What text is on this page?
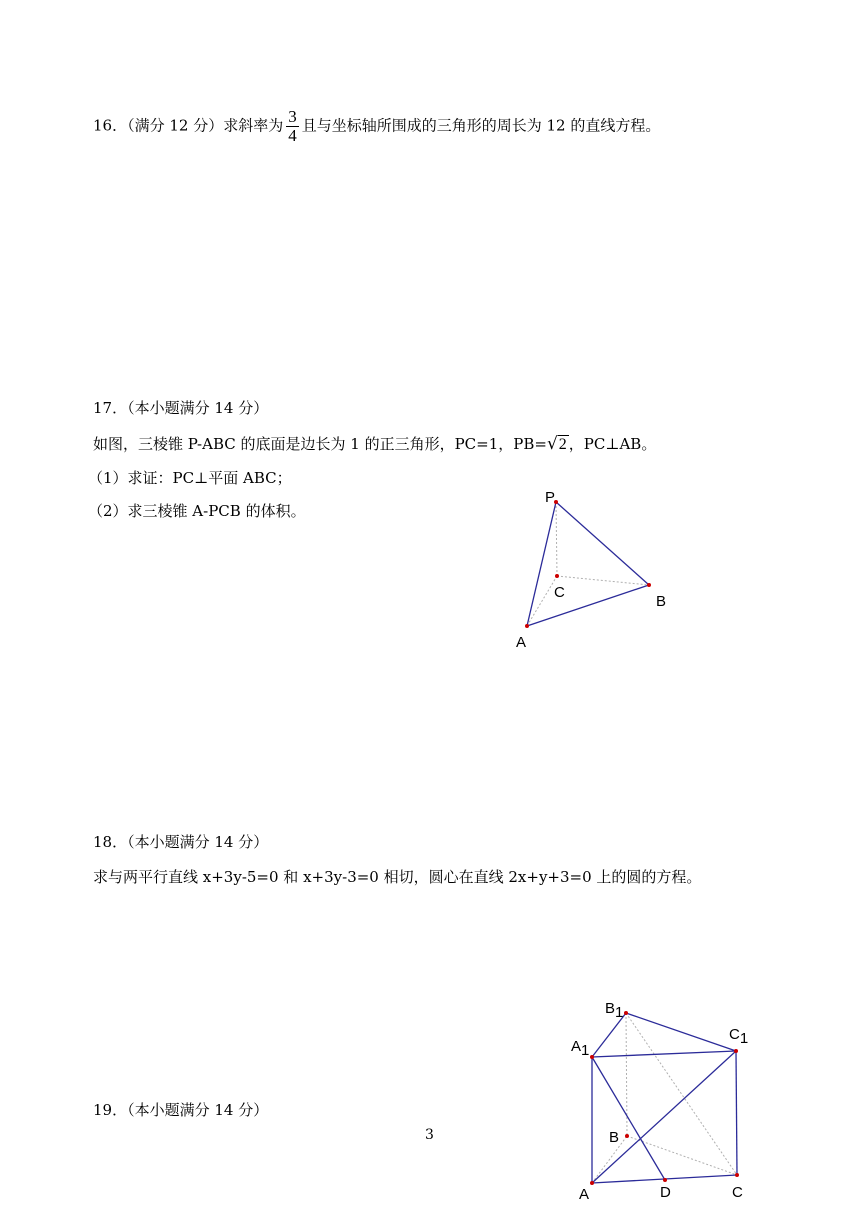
16．（满分 12 分）求斜率为 $\frac{3}{4}$ 且与坐标轴所围成的三角形的周长为 12 的直线方程。
17．（本小题满分 14 分）
如图，三棱锥 P-ABC 的底面是边长为 1 的正三角形，PC=1，PB=√2 ，PC⊥AB。
（1）求证：PC⊥平面 ABC；
（2）求三棱锥 A-PCB 的体积。
P
C
B
A
18．（本小题满分 14 分）
求与两平行直线 x+3y-5=0 和 x+3y-3=0 相切，圆心在直线 2x+y+3=0 上的圆的方程。
19．（本小题满分 14 分）
B1
A1
C1
B
A	D	C
3
